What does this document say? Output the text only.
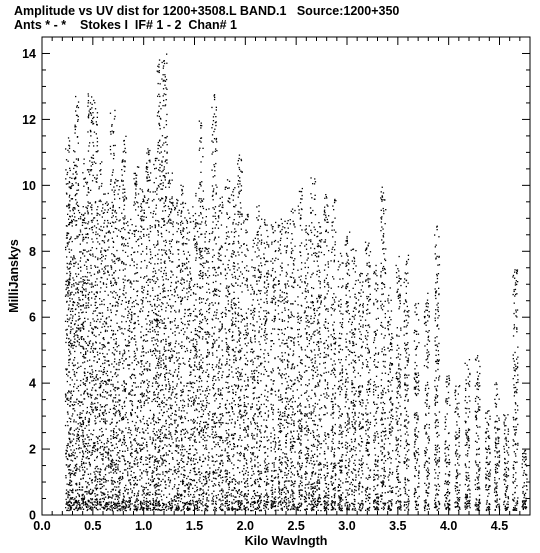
Amplitude vs UV dist for 1200+3508.L BAND.1   Source:1200+350
Ants * - *    Stokes I  IF# 1 - 2  Chan# 1
0.0	0.5	1.0	1.5	2.0	2.5	3.0	3.5	4.0	4.5
0
2
4
6
8
10
12
14
Kilo Wavlngth
MilliJanskys
